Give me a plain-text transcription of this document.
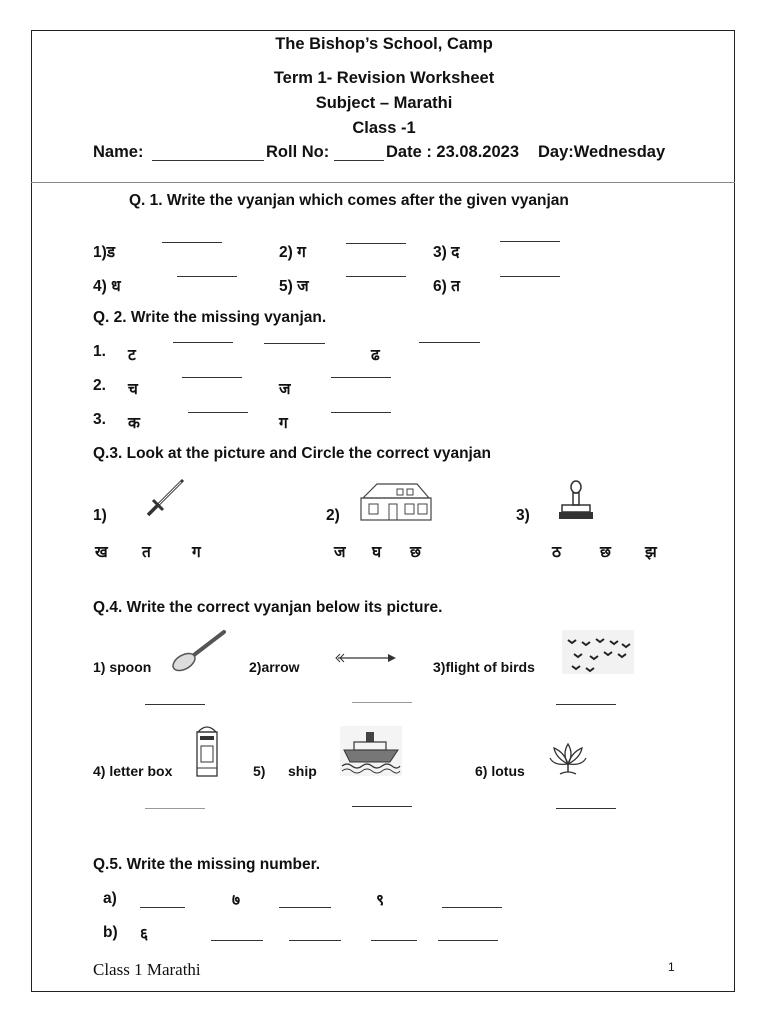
The Bishop’s School, Camp
Term 1- Revision Worksheet
Subject – Marathi
Class -1
Name:	Roll No:	Date : 23.08.2023 Day:Wednesday
Q. 1. Write the vyanjan which comes after the given vyanjan
1)ड	2) ग	3) द
4) ध	5) ज	6) त
Q. 2. Write the missing vyanjan.
1. ट	ढ
2. च	ज
3. क	ग
Q.3. Look at the picture and Circle the correct vyanjan
1)
ख त	ग
2)
ज घ छ
3)
ठ	छ झ
Q.4. Write the correct vyanjan below its picture.
1) spoon	2)arrow	3)flight of birds
4) letter box	5) ship	6) lotus
Q.5. Write the missing number.
a)	७	९
b) ६
Class 1 Marathi	1
